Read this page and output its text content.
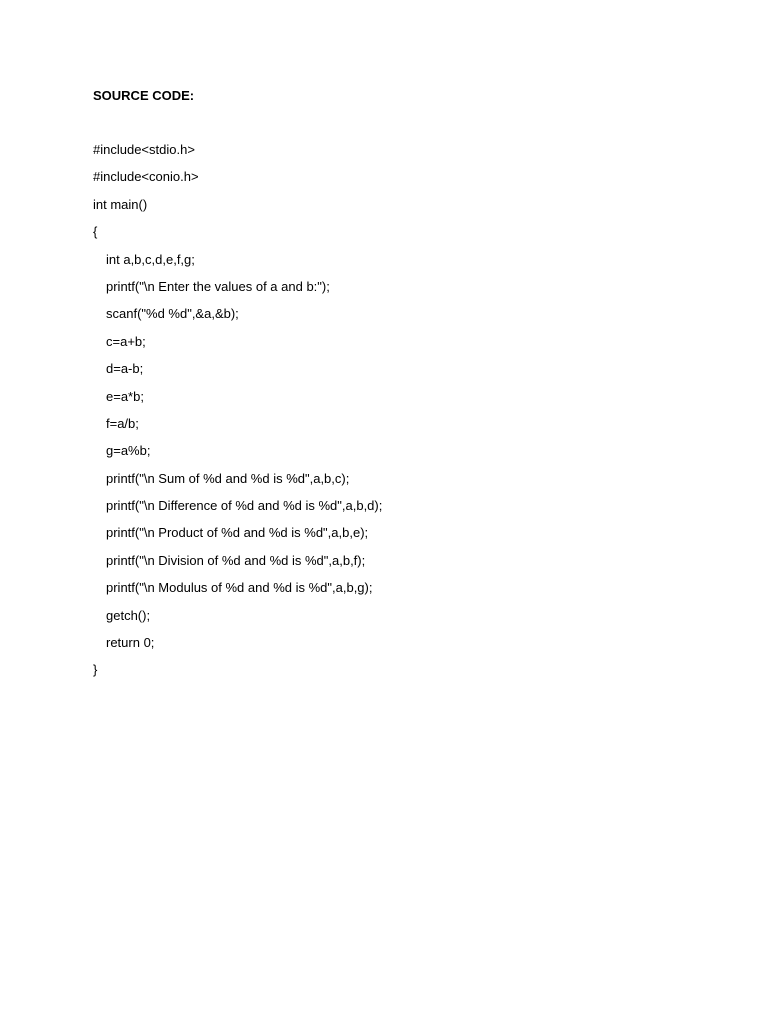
SOURCE CODE:
#include<stdio.h>
#include<conio.h>
int main()
{
int a,b,c,d,e,f,g;
printf("\n Enter the values of a and b:");
scanf("%d %d",&a,&b);
c=a+b;
d=a-b;
e=a*b;
f=a/b;
g=a%b;
printf("\n Sum of %d and %d is %d",a,b,c);
printf("\n Difference of %d and %d is %d",a,b,d);
printf("\n Product of %d and %d is %d",a,b,e);
printf("\n Division of %d and %d is %d",a,b,f);
printf("\n Modulus of %d and %d is %d",a,b,g);
getch();
return 0;
}
